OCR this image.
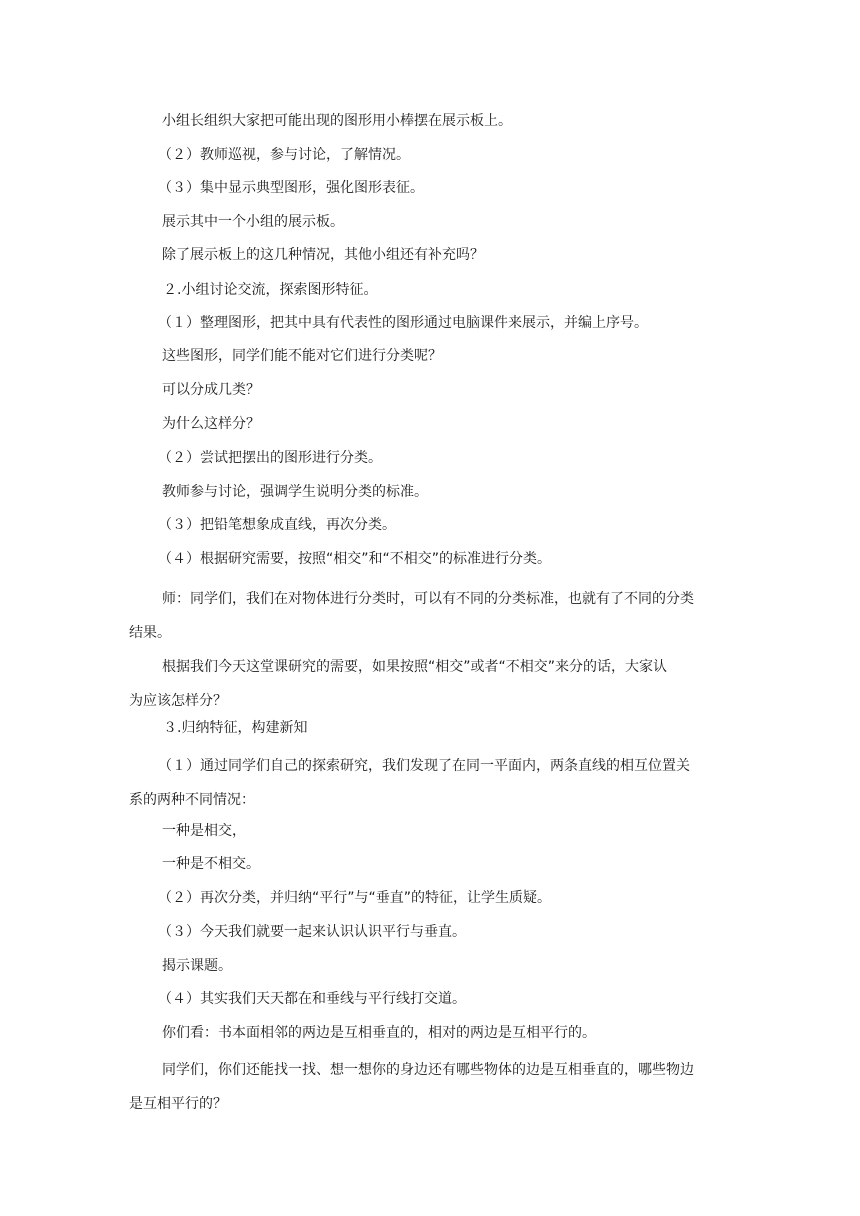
小组长组织大家把可能出现的图形用小棒摆在展示板上。
（２）教师巡视，参与讨论，了解情况。
（３）集中显示典型图形，强化图形表征。
展示其中一个小组的展示板。
除了展示板上的这几种情况，其他小组还有补充吗？
２.小组讨论交流，探索图形特征。
（１）整理图形，把其中具有代表性的图形通过电脑课件来展示，并编上序号。
这些图形，同学们能不能对它们进行分类呢？
可以分成几类？
为什么这样分？
（２）尝试把摆出的图形进行分类。
教师参与讨论，强调学生说明分类的标准。
（３）把铅笔想象成直线，再次分类。
（４）根据研究需要，按照“相交”和“不相交”的标准进行分类。
师：同学们，我们在对物体进行分类时，可以有不同的分类标准，也就有了不同的分类
结果。
根据我们今天这堂课研究的需要，如果按照“相交”或者“不相交”来分的话，大家认
为应该怎样分？
３.归纳特征，构建新知
（１）通过同学们自己的探索研究，我们发现了在同一平面内，两条直线的相互位置关
系的两种不同情况：
一种是相交，
一种是不相交。
（２）再次分类，并归纳“平行”与“垂直”的特征，让学生质疑。
（３）今天我们就要一起来认识认识平行与垂直。
揭示课题。
（４）其实我们天天都在和垂线与平行线打交道。
你们看：书本面相邻的两边是互相垂直的，相对的两边是互相平行的。
同学们，你们还能找一找、想一想你的身边还有哪些物体的边是互相垂直的，哪些物边
是互相平行的？
